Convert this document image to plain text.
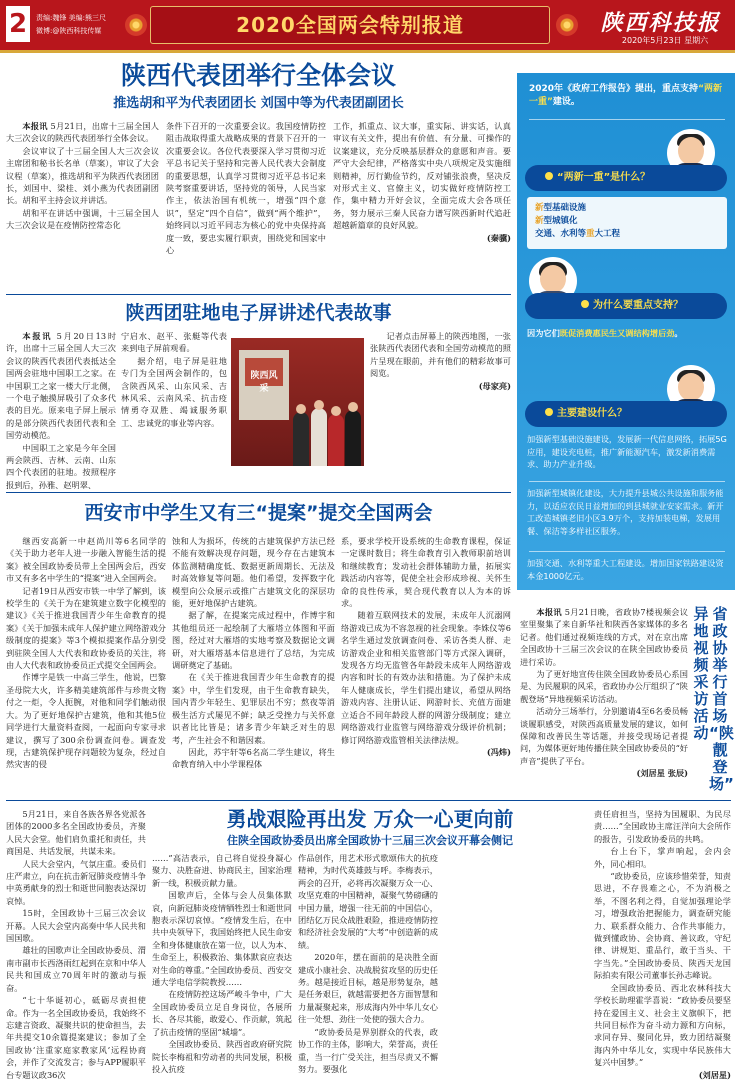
2	责编:魏锋 美编:熊三尺
微博:@陕西科技传媒	2020全国两会特别报道	陕西科技报
2020年5月23日 星期六
陕西代表团举行全体会议
推选胡和平为代表团团长 刘国中等为代表团副团长

本报讯 5月21日，出席十三届全国人大三次会议的陕西代表团举行全体会议。

会议审议了十三届全国人大三次会议主席团和秘书长名单（草案），审议了大会议程（草案），推选胡和平为陕西代表团团长，刘国中、梁桂、刘小燕为代表团副团长。胡和平主持会议并讲话。

胡和平在讲话中强调，十三届全国人大三次会议是在疫情防控常态化

条件下召开的一次重要会议。我国疫情防控阻击战取得重大战略成果的背景下召开的一次重要会议。各位代表要深入学习贯彻习近平总书记关于坚持和完善人民代表大会制度的重要思想，认真学习贯彻习近平总书记来陕考察重要讲话，坚持党的领导，人民当家作主，依法治国有机统一，增强“四个意识”，坚定“四个自信”，做到“两个维护”，始终同以习近平同志为核心的党中央保持高度一致，要忠实履行职责，围绕党和国家中心

工作，抓重点、议大事，重实际、讲实话，认真审议有关文件，提出有价值、有分量、可操作的议案建议，充分反映基层群众的意愿和声音。要严守大会纪律，严格落实中央八项规定及实施细则精神，厉行勤俭节约，反对铺张浪费，坚决反对形式主义、官僚主义，切实做好疫情防控工作，集中精力开好会议，全面完成大会各项任务，努力展示三秦人民奋力谱写陕西新时代追赶超越新篇章的良好风貌。

(秦骥)
陕西团驻地电子屏讲述代表故事

本报讯 5月20日13时许，出席十三届全国人大三次会议的陕西代表团代表抵达全国两会驻地中国职工之家。在中国职工之家一楼大厅北侧，一个电子触摸屏吸引了众多代表的目光。原来电子屏上展示的是部分陕西代表团代表和全国劳动模范。

中国职工之家是今年全国两会陕西、吉林、云南、山东四个代表团的驻地。按照程序报到后，孙雅、赵明翠、

宁启水、赵平、张艇等代表来到电子屏前观看。

据介绍，电子屏是驻地专门为全国两会制作的，包含陕西风采、山东风采、吉林风采、云南风采、抗击疫情勇夺双胜、竭诚服务职工、忠诚党的事业等内容。

陕西风采

记者点击屏幕上的陕西地图，一张张陕西代表团代表和全国劳动模范的照片呈现在眼前，并有他们的精彩故事可阅览。

(母家亮)
西安市中学生又有三“提案”提交全国两会

继西安高新一中赵尚川等6名同学的《关于助力老年人进一步融入智能生活的提案》被全国政协委员带上全国两会后，西安市又有多名中学生的“提案”进入全国两会。

记者19日从西安市铁一中学了解到，该校学生的《关于为在建筑建立数字化模型的建议》《关于推进我国青少年生命教育的提案》《关于加强未成年人保护建立网络游戏分级制度的提案》等3个模拟提案作品分别受到驻陕全国人大代表和政协委员的关注，将由人大代表和政协委员正式提交全国两会。

作博字是铁一中高三学生，他说，巴黎圣母院大火，许多精美建筑部件与珍贵文物付之一炬，令人扼腕，对他和同学们触动很大。为了更好地保护古建筑，他和其他5位同学进行大量资料查阅，一起面向专家寻求建议，撰写了300余份调查问卷。调查发现，古建筑保护现存问题较为复杂，经过自然灾害的侵

蚀和人为损坏，传统的古建筑保护方法已经不能有效解决现存问题，现今存在古建筑本体监测精确度低、数据更新周期长、无法及时高效修复等问题。他们希望，发挥数字化模型向公众展示或推广古建筑文化的深层功能，更好地保护古建筑。

据了解，在提案完成过程中，作博宇和其他组员还一起绘制了大雁塔立体图和平面图，经过对大雁塔的实地考察及数据论文调研，对大雁塔基本信息进行了总结，为完成调研奠定了基础。

在《关于推进我国青少年生命教育的提案》中，学生们发现，由于生命教育缺失，国内青少年轻生、犯罪层出不穷；熬夜等消极生活方式屡见不鲜；缺乏受挫力与关怀意识者比比皆是；诸多青少年缺乏对生的思考，产生社会不和谐因素。

因此，苏宇轩等6名高二学生建议，将生命教育纳入中小学课程体

系，要求学校开设系统的生命教育课程，保证一定课时数目；将生命教育引入教师职前培训和继续教育；发动社会群体辅助力量，拓展实践活动内容等，促使全社会形成珍视、关怀生命的良性传承，契合现代教育以人为本的诉求。

随着互联网技术的发展，未成年人沉溺网络游戏已成为不容忽视的社会现象。李姝仪等6名学生通过发放调查问卷、采访各类人群、走访游戏企业和相关监管部门等方式深入调研，发现各方均无监管各年龄段未成年人网络游戏内容和时长的有效办法和措施。为了保护未成年人健康成长，学生们提出建议，希望从网络游戏内容、注册认证、网游时长、充值方面建立适合不同年龄段人群的网游分级制度；建立网络游戏行业监管与网络游戏分级评价机制；修订网络游戏监管相关法律法规。

(冯炜)
2020年《政府工作报告》提出，重点支持“两新一重”建设。
“两新一重”是什么？
新型基础设施
新型城镇化
交通、水利等重大工程
为什么要重点支持？
因为它们既促消费惠民生又调结构增后劲。
主要建设什么？
加强新型基础设施建设，发展新一代信息网络，拓展5G应用，建设充电桩，推广新能源汽车，激发新消费需求、助力产业升级。
加强新型城镇化建设，大力提升县城公共设施和服务能力，以适应农民日益增加的到县城就业安家需求。新开工改造城镇老旧小区3.9万个，支持加装电梯，发展用餐、保洁等多样社区服务。
加强交通、水利等重大工程建设。增加国家铁路建设资本金1000亿元。
省政协举行首场
“陕靓登场”
异地视频采访活动

本报讯 5月21日晚，省政协7楼视频会议室里聚集了来自新华社和陕西各家媒体的多名记者。他们通过视频连线的方式，对在京出席全国政协十三届三次会议的在陕全国政协委员进行采访。

为了更好地宣传住陕全国政协委员心系国是、为民履职的风采，省政协办公厅组织了“陕靓登场”异地视频采访活动。

活动分三场举行，分别邀请4至6名委员畅谈履职感受，对陕西高质量发展的建议，如何保障和改善民生等话题，并接受现场记者提问，为媒体更好地传播住陕全国政协委员的“好声音”提供了平台。

(刘居星 张辰)
勇战艰险再出发 万众一心更向前
住陕全国政协委员出席全国政协十三届三次会议开幕会侧记

5月21日，来自各族各界各党派各团体的2000多名全国政协委员，齐聚人民大会堂。他们肩负重托和责任，共商国是、共话发展，共谋未来。

人民大会堂内，气氛庄重。委员们庄严肃立，向在抗击新冠肺炎疫情斗争中英勇献身的烈士和逝世同胞表达深切哀悼。

15时，全国政协十三届三次会议开幕。人民大会堂内高奏中华人民共和国国歌。

雄壮的国歌声让全国政协委员、渭南市副市长西洛雨红起到在京和中华人民共和国成立70周年时的激动与振奋。

“七十华诞初心，砥砺尽责担使命。作为一名全国政协委员，我始终不忘建言资政、凝聚共识的使命担当，去年共提交10余篇提案建议；参加了全国政协‘注重家庭家教家风’远程协商会，并作了交流发言；参与APP履职平台专题议政36次

……”高洁表示，自己将自觉投身凝心聚力、决胜奋进、协商民主，国家治理新一线，积极贡献力量。

国歌声后，全体与会人员集体默哀，向新冠肺炎疫情牺牲烈士和逝世同胞表示深切哀悼。“疫情发生后，在中共中央领导下，我国始终把人民生命安全和身体健康放在第一位，以人为本、生命至上，积极救治、集体默哀应表达对生命的尊重。”全国政协委员、西安交通大学电信学院教授……

在疫情防控这场严峻斗争中，广大全国政协委员立足自身岗位，各展所长、各尽其能，敢爱心、作贡献，筑起了抗击疫情的坚固“城墙”。

全国政协委员、陕西省政府研究院院长李梅祖和劳动者的共同发展，积极投入抗疫

作品创作，用艺术形式歌颂伟大的抗疫精神，为时代英雄鼓与呼。李梅表示，两会的召开，必将再次凝聚万众一心、攻坚克难的中国精神，凝聚气势磅礴的中国力量，增强一往无前的中国信心，团结亿万民众战胜艰险，推进疫情防控和经济社会发展的“大考”中创造新的成绩。

2020年，摆在面前的是决胜全面建成小康社会、决战脱贫攻坚的历史任务。越是接近目标，越是形势复杂，越是任务艰巨，就越需要把各方面智慧和力量凝聚起来，形成海内外中华儿女心往一处想、劲往一处使的强大合力。

“政协委员是界别群众的代表，政协工作的主体，影响大，荣誉高，责任重，当一行广受关注，担当尽责又不懈努力。要强化

责任肩担当，坚持为国履职、为民尽责……”全国政协主席汪洋向大会所作的报告，引发政协委员的共鸣。

台上台下，掌声响起，会内会外，同心相印。

“政协委员，应该珍惜荣誉，知责思进，不存畏难之心，不为消极之举，不图名利之得，自觉加强理论学习，增强政治把握能力，调查研究能力、联系群众能力、合作共事能力，做到懂政协、会协商、善议政，守纪律、讲规矩、重品行，敢于当头、干字当先。”全国政协委员、陕西天龙国际拍卖有限公司董事长孙志峰说。

全国政协委员、西北农林科技大学校长助理霍学喜说：“政协委员要坚持在爱国主义、社会主义旗帜下，把共同目标作为奋斗动力源和方向标，求同存异、聚同化异，致力团结凝聚海内外中华儿女，实现中华民族伟大复兴中国梦。”

(刘居星)
